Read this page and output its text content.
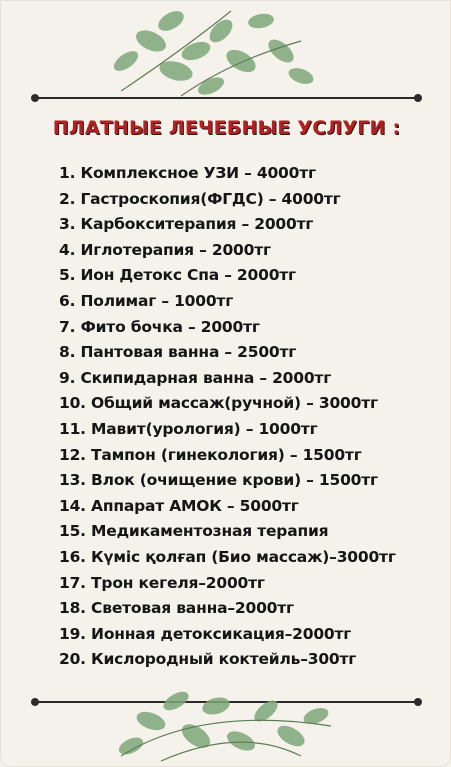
ПЛАТНЫЕ ЛЕЧЕБНЫЕ УСЛУГИ :
1. Комплексное УЗИ – 4000тг
2. Гастроскопия(ФГДС) – 4000тг
3. Карбокситерапия – 2000тг
4. Иглотерапия – 2000тг
5. Ион Детокс Спа – 2000тг
6. Полимаг – 1000тг
7. Фито бочка – 2000тг
8. Пантовая ванна – 2500тг
9. Скипидарная ванна – 2000тг
10. Общий массаж(ручной) – 3000тг
11. Мавит(урология) – 1000тг
12. Тампон (гинекология) – 1500тг
13. Влок (очищение крови) – 1500тг
14. Аппарат АМОК – 5000тг
15. Медикаментозная терапия
16. Күміс қолғап (Био массаж)–3000тг
17. Трон кегеля–2000тг
18. Световая ванна–2000тг
19. Ионная детоксикация–2000тг
20. Кислородный коктейль–300тг
